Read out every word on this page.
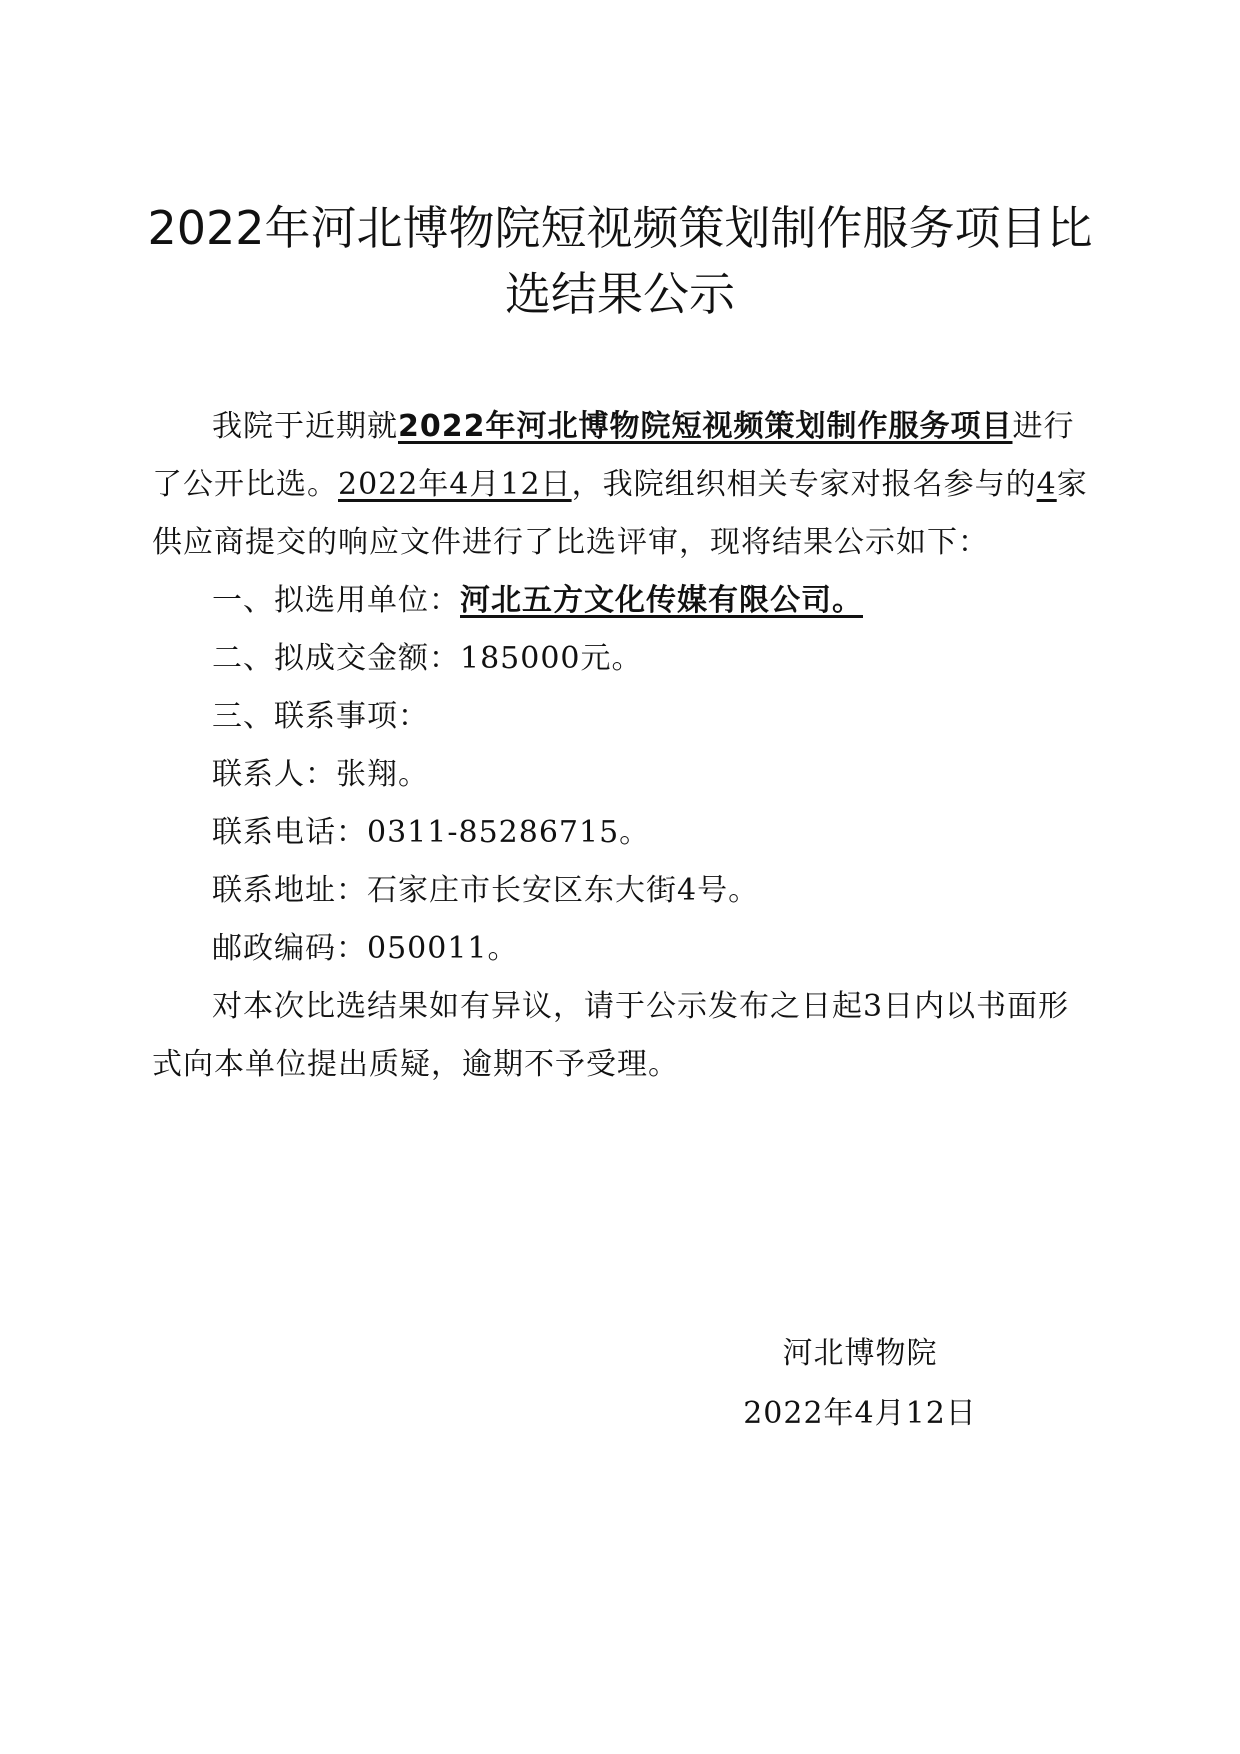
2022年河北博物院短视频策划制作服务项目比
选结果公示

我院于近期就2022年河北博物院短视频策划制作服务项目进行了公开比选。2022年4月12日，我院组织相关专家对报名参与的4家供应商提交的响应文件进行了比选评审，现将结果公示如下：

一、拟选用单位：河北五方文化传媒有限公司。

二、拟成交金额：185000元。

三、联系事项：

联系人：张翔。

联系电话：0311-85286715。

联系地址：石家庄市长安区东大街4号。

邮政编码：050011。

对本次比选结果如有异议，请于公示发布之日起3日内以书面形式向本单位提出质疑，逾期不予受理。

河北博物院
2022年4月12日
